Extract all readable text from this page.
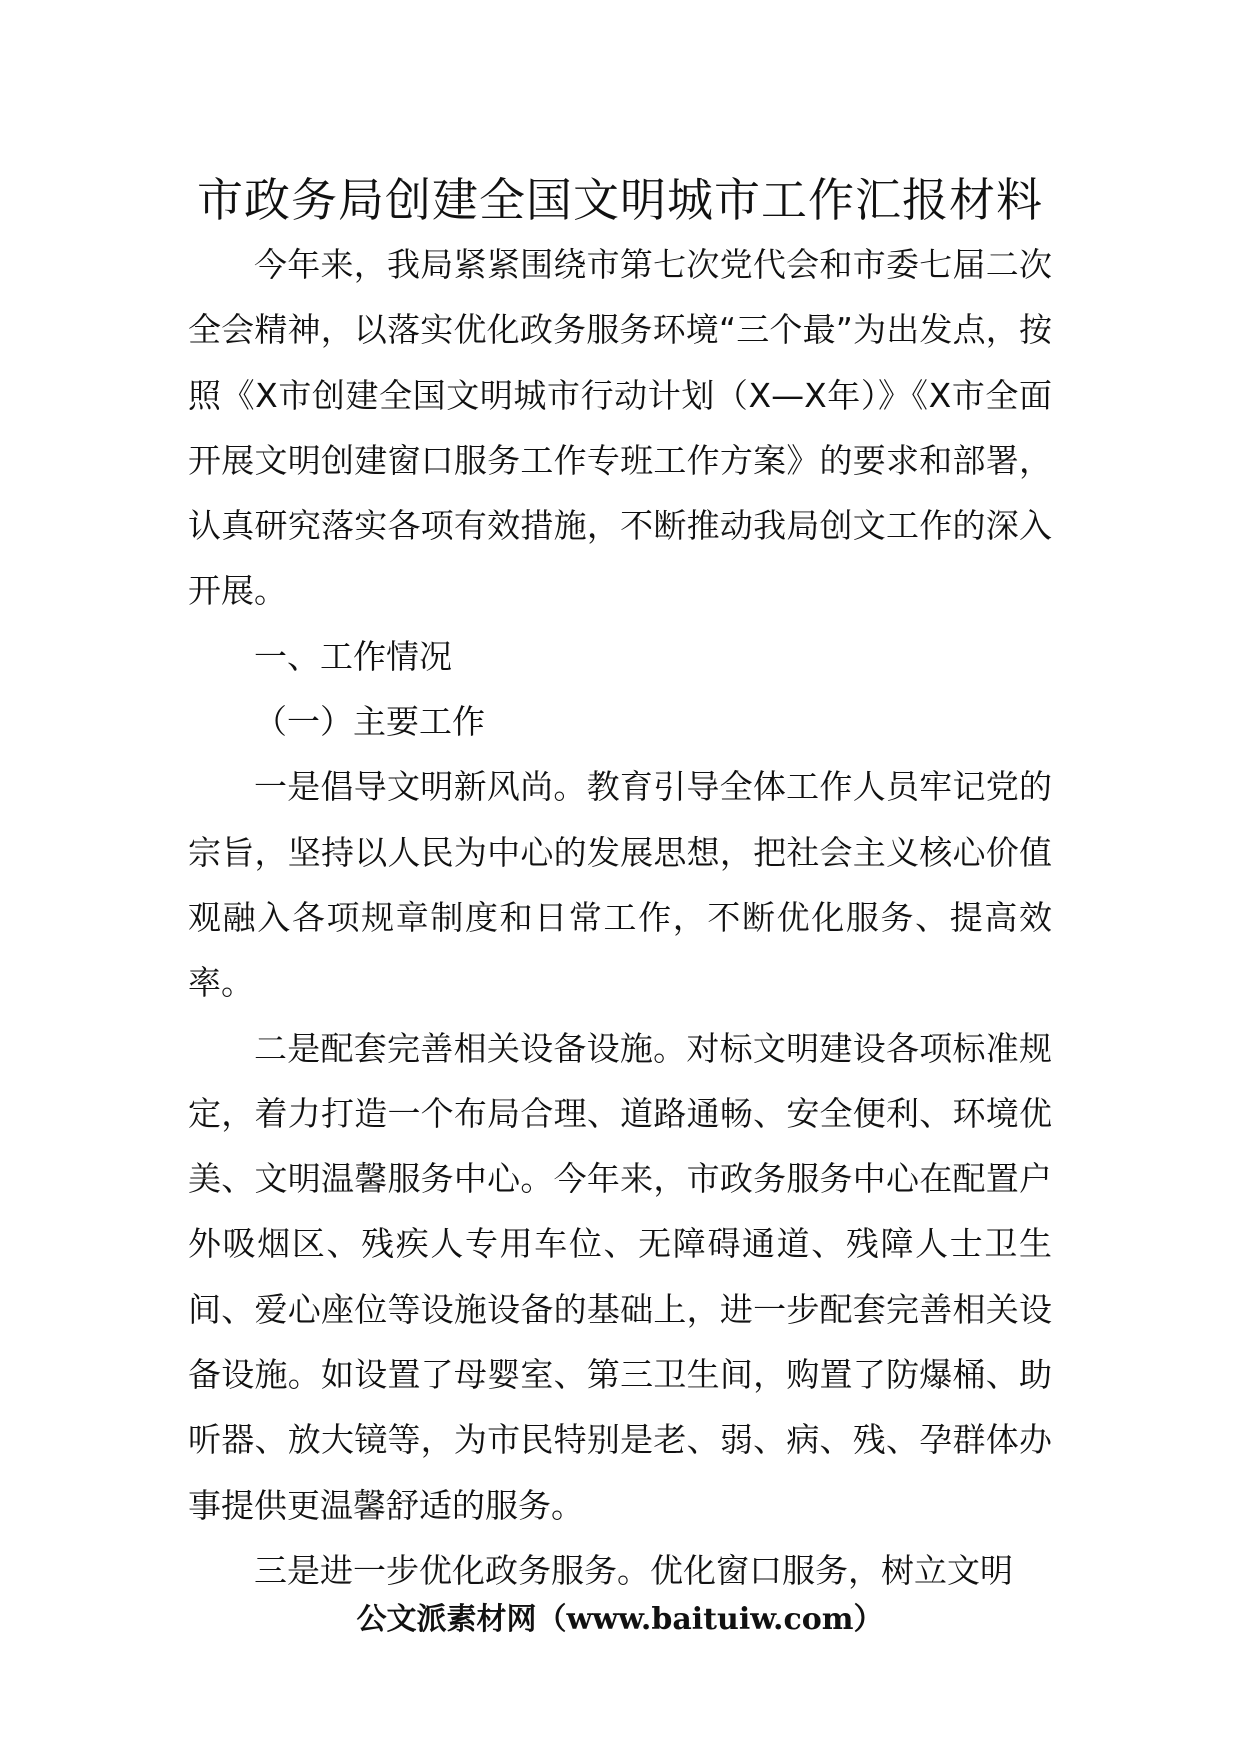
市政务局创建全国文明城市工作汇报材料

今年来，我局紧紧围绕市第七次党代会和市委七届二次全会精神，以落实优化政务服务环境“三个最”为出发点，按照《X市创建全国文明城市行动计划（X—X年）》《X市全面开展文明创建窗口服务工作专班工作方案》的要求和部署，认真研究落实各项有效措施，不断推动我局创文工作的深入开展。

一、工作情况

（一）主要工作

一是倡导文明新风尚。教育引导全体工作人员牢记党的宗旨，坚持以人民为中心的发展思想，把社会主义核心价值观融入各项规章制度和日常工作，不断优化服务、提高效率。

二是配套完善相关设备设施。对标文明建设各项标准规定，着力打造一个布局合理、道路通畅、安全便利、环境优美、文明温馨服务中心。今年来，市政务服务中心在配置户外吸烟区、残疾人专用车位、无障碍通道、残障人士卫生间、爱心座位等设施设备的基础上，进一步配套完善相关设备设施。如设置了母婴室、第三卫生间，购置了防爆桶、助听器、放大镜等，为市民特别是老、弱、病、残、孕群体办事提供更温馨舒适的服务。

三是进一步优化政务服务。优化窗口服务，树立文明

公文派素材网（www.baituiw.com）
